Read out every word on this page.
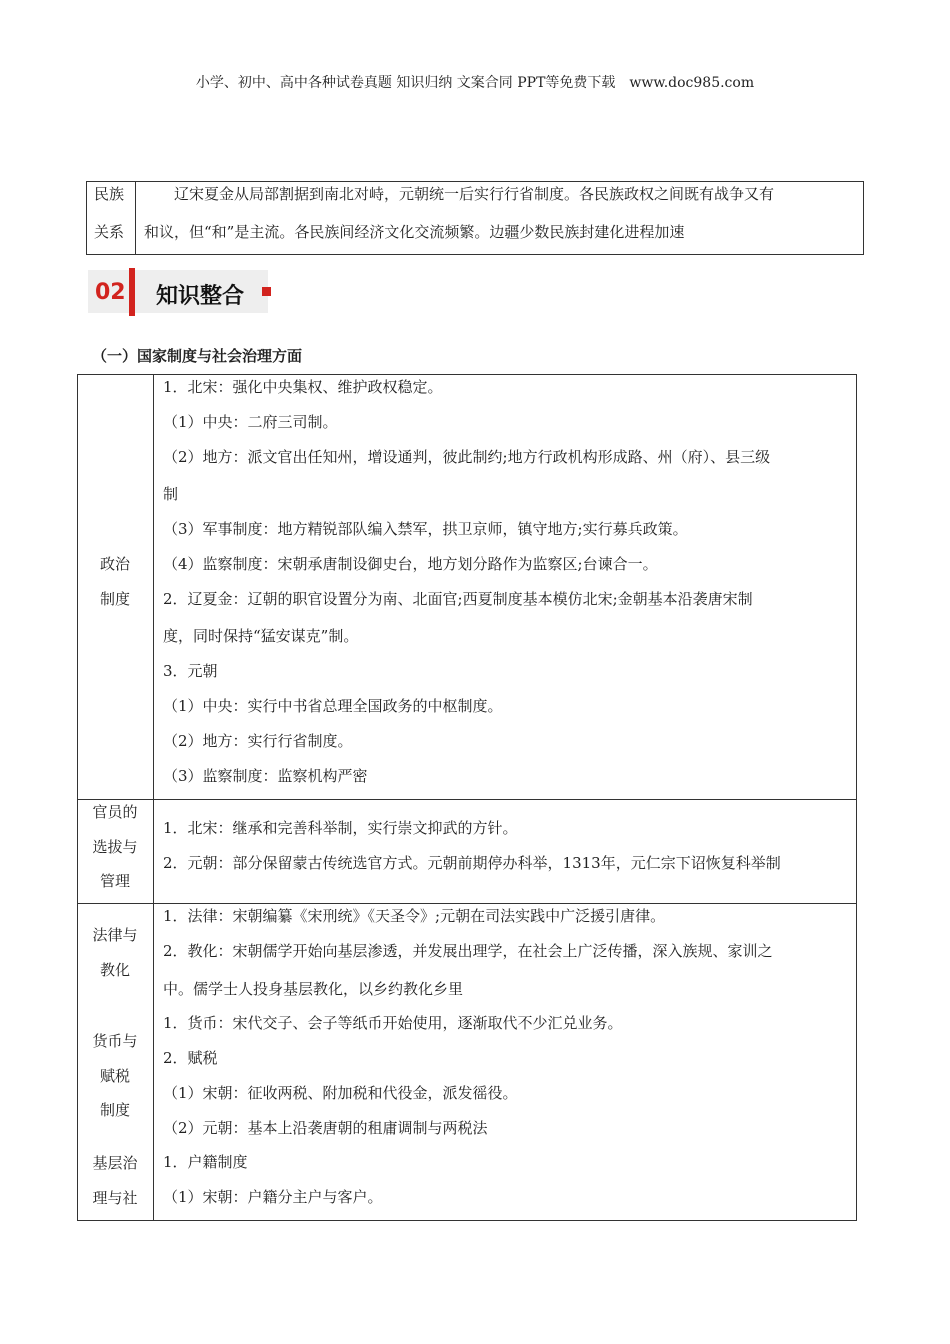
小学、初中、高中各种试卷真题 知识归纳 文案合同 PPT等免费下载　www.doc985.com
民族
关系
　　辽宋夏金从局部割据到南北对峙，元朝统一后实行行省制度。各民族政权之间既有战争又有
和议，但“和”是主流。各民族间经济文化交流频繁。边疆少数民族封建化进程加速
02 知识整合
（一）国家制度与社会治理方面
政治
制度
官员的
选拔与
管理
法律与
教化
货币与
赋税
制度
基层治
理与社
1．北宋：强化中央集权、维护政权稳定。
（1）中央：二府三司制。
（2）地方：派文官出任知州，增设通判，彼此制约;地方行政机构形成路、州（府）、县三级
制
（3）军事制度：地方精锐部队编入禁军，拱卫京师，镇守地方;实行募兵政策。
（4）监察制度：宋朝承唐制设御史台，地方划分路作为监察区;台谏合一。
2．辽夏金：辽朝的职官设置分为南、北面官;西夏制度基本模仿北宋;金朝基本沿袭唐宋制
度，同时保持“猛安谋克”制。
3．元朝
（1）中央：实行中书省总理全国政务的中枢制度。
（2）地方：实行行省制度。
（3）监察制度：监察机构严密
1．北宋：继承和完善科举制，实行崇文抑武的方针。
2．元朝：部分保留蒙古传统选官方式。元朝前期停办科举，1313年，元仁宗下诏恢复科举制
1．法律：宋朝编纂《宋刑统》《天圣令》;元朝在司法实践中广泛援引唐律。
2．教化：宋朝儒学开始向基层渗透，并发展出理学，在社会上广泛传播，深入族规、家训之
中。儒学士人投身基层教化，以乡约教化乡里
1．货币：宋代交子、会子等纸币开始使用，逐渐取代不少汇兑业务。
2．赋税
（1）宋朝：征收两税、附加税和代役金，派发徭役。
（2）元朝：基本上沿袭唐朝的租庸调制与两税法
1．户籍制度
（1）宋朝：户籍分主户与客户。
